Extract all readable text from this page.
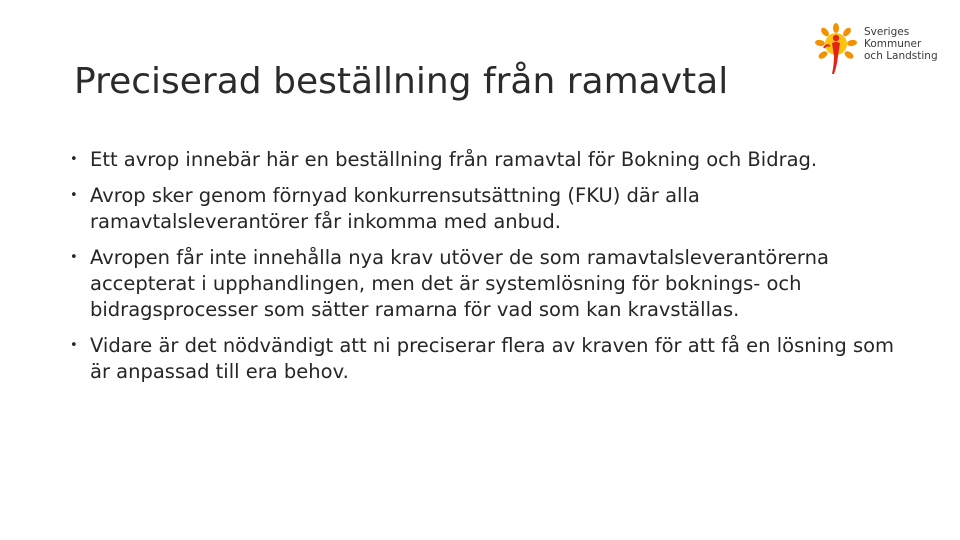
Preciserad beställning från ramavtal
Sveriges
Kommuner
och Landsting
• Ett avrop innebär här en beställning från ramavtal för Bokning och Bidrag.
• Avrop sker genom förnyad konkurrensutsättning (FKU) där alla ramavtalsleverantörer får inkomma med anbud.
• Avropen får inte innehålla nya krav utöver de som ramavtalsleverantörerna accepterat i upphandlingen, men det är systemlösning för boknings- och bidragsprocesser som sätter ramarna för vad som kan kravställas.
• Vidare är det nödvändigt att ni preciserar flera av kraven för att få en lösning som är anpassad till era behov.
